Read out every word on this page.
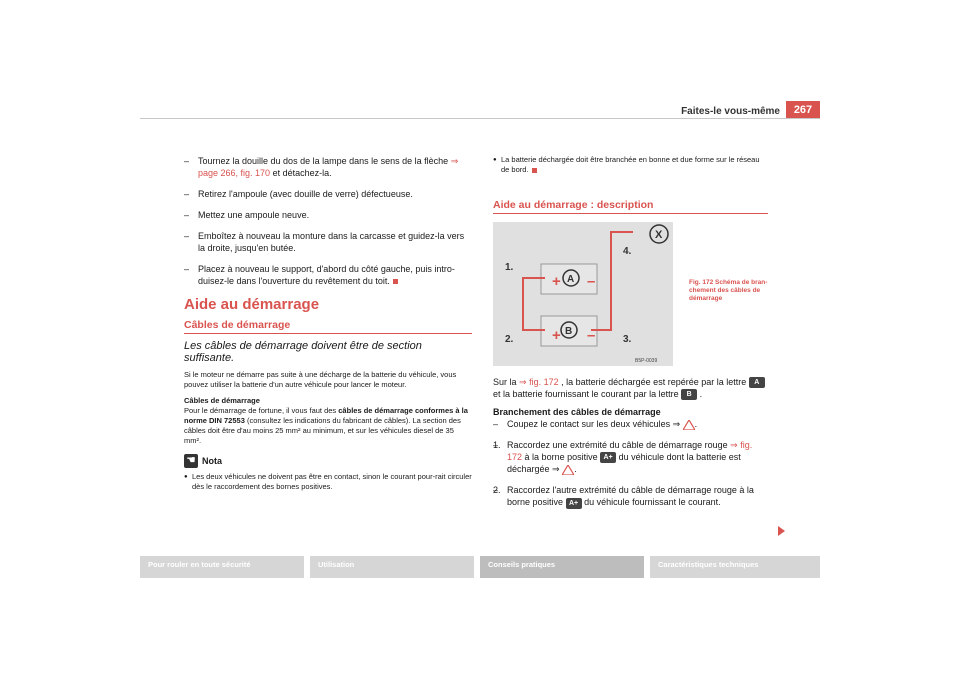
Faites-le vous-même	267
– Tournez la douille du dos de la lampe dans le sens de la flèche ⇒ page 266, fig. 170 et détachez-la.
– Retirez l'ampoule (avec douille de verre) défectueuse.
– Mettez une ampoule neuve.
– Emboîtez à nouveau la monture dans la carcasse et guidez-la vers la droite, jusqu'en butée.
– Placez à nouveau le support, d'abord du côté gauche, puis intro-duisez-le dans l'ouverture du revêtement du toit.
Aide au démarrage
Câbles de démarrage
Les câbles de démarrage doivent être de section suffisante.
Si le moteur ne démarre pas suite à une décharge de la batterie du véhicule, vous pouvez utiliser la batterie d'un autre véhicule pour lancer le moteur.
Câbles de démarrage
Pour le démarrage de fortune, il vous faut des câbles de démarrage conformes à la norme DIN 72553 (consultez les indications du fabricant de câbles). La section des câbles doit être d'au moins 25 mm² au minimum, et sur les véhicules diesel de 35 mm².
☚ Nota
● Les deux véhicules ne doivent pas être en contact, sinon le courant pour-rait circuler dès le raccordement des bornes positives.
● La batterie déchargée doit être branchée en bonne et due forme sur le réseau de bord.
Aide au démarrage : description
+ –
+ –
X
A
B
1.
2.	3.
4.
B5P-0039
Fig. 172 Schéma de bran-chement des câbles de démarrage
Sur la ⇒ fig. 172 , la batterie déchargée est repérée par la lettre A et la batterie fournissant le courant par la lettre B .
Branchement des câbles de démarrage
– Coupez le contact sur les deux véhicules ⇒ .
– 1. Raccordez une extrémité du câble de démarrage rouge ⇒ fig. 172 à la borne positive A+ du véhicule dont la batterie est déchargée ⇒ .
– 2. Raccordez l'autre extrémité du câble de démarrage rouge à la borne positive A+ du véhicule fournissant le courant.
Pour rouler en toute sécurité	Utilisation	Conseils pratiques	Caractéristiques techniques
